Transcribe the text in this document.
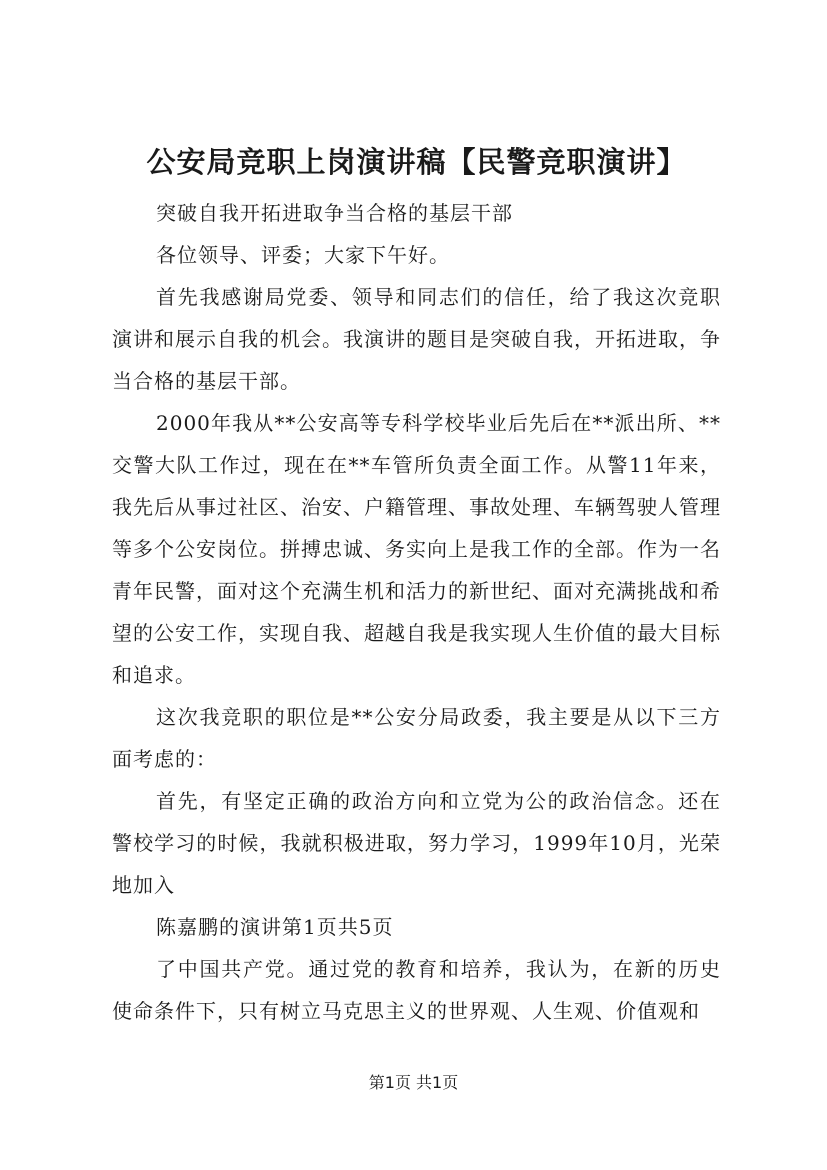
公安局竞职上岗演讲稿【民警竞职演讲】

突破自我开拓进取争当合格的基层干部

各位领导、评委；大家下午好。

首先我感谢局党委、领导和同志们的信任，给了我这次竞职演讲和展示自我的机会。我演讲的题目是突破自我，开拓进取，争当合格的基层干部。

2000年我从**公安高等专科学校毕业后先后在**派出所、**交警大队工作过，现在在**车管所负责全面工作。从警11年来，我先后从事过社区、治安、户籍管理、事故处理、车辆驾驶人管理等多个公安岗位。拼搏忠诚、务实向上是我工作的全部。作为一名青年民警，面对这个充满生机和活力的新世纪、面对充满挑战和希望的公安工作，实现自我、超越自我是我实现人生价值的最大目标和追求。

这次我竞职的职位是**公安分局政委，我主要是从以下三方面考虑的：

首先，有坚定正确的政治方向和立党为公的政治信念。还在警校学习的时候，我就积极进取，努力学习，1999年10月，光荣地加入

陈嘉鹏的演讲第1页共5页

了中国共产党。通过党的教育和培养，我认为，在新的历史使命条件下，只有树立马克思主义的世界观、人生观、价值观和

第1页 共1页
